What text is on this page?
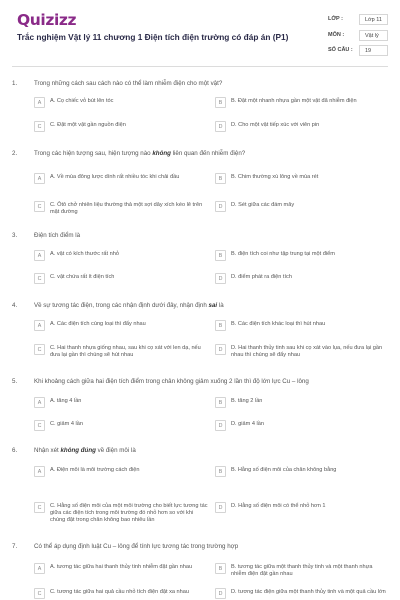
Quizizz
Trắc nghiệm Vật lý 11 chương 1 Điện tích điện trường có đáp án (P1)
LỚP :	Lớp 11
MÔN :	Vật lý
SỐ CÂU :	19
1.	Trong những cách sau cách nào có thể làm nhiễm điện cho một vật?
A	A. Cọ chiếc vỏ bút lên tóc	B	B. Đặt một nhanh nhựa gần một vật đã nhiễm điện
C	C. Đặt một vật gần nguồn điện	D	D. Cho một vật tiếp xúc với viên pin
2.	Trong các hiện tượng sau, hiện tượng nào không liên quan đến nhiễm điện?
A	A. Về mùa đông lược dính rất nhiều tóc khi chải đầu	B	B. Chim thường xù lông về mùa rét
C	C. Ôtô chở nhiên liệu thường thả một sợi dây xích kéo lê trên mặt đường
D	D. Sét giữa các đám mây
3.	Điện tích điểm là
A	A. vật có kích thước rất nhỏ	B	B. điện tích coi như tập trung tại một điểm
C	C. vật chứa rất ít điện tích	D	D. điểm phát ra điện tích
4.	Về sự tương tác điện, trong các nhận định dưới đây, nhận định sai là
A	A. Các điện tích cùng loại thì đẩy nhau	B	B. Các điện tích khác loại thì hút nhau
C	C. Hai thanh nhựa giống nhau, sau khi cọ xát với len dạ, nếu đưa lại gần thì chúng sẽ hút nhau
D	D. Hai thanh thủy tinh sau khi cọ xát vào lụa, nếu đưa lại gần nhau thì chúng sẽ đẩy nhau
5.	Khi khoảng cách giữa hai điện tích điểm trong chân không giảm xuống 2 lần thì độ lớn lực Cu – lông
A	A. tăng 4 lần	B	B. tăng 2 lần
C	C. giảm 4 lần	D	D. giảm 4 lần
6.	Nhận xét không đúng về điện môi là
A	A. Điện môi là môi trường cách điện	B	B. Hằng số điện môi của chân không bằng
C	C. Hằng số điện môi của một môi trường cho biết lực tương tác giữa các điện tích trong môi trường đó nhỏ hơn so với khi chúng đặt trong chân không bao nhiêu lần
D	D. Hằng số điện môi có thể nhỏ hơn 1
7.	Có thể áp dụng định luật Cu – lông để tính lực tương tác trong trường hợp
A	A. tương tác giữa hai thanh thủy tinh nhiễm đặt gần nhau	B	B. tương tác giữa một thanh thủy tinh và một thanh nhựa nhiễm điện đặt gần nhau
C	C. tương tác giữa hai quả cầu nhỏ tích điện đặt xa nhau	D	D. tương tác điện giữa một thanh thủy tinh và một quả cầu lớn
